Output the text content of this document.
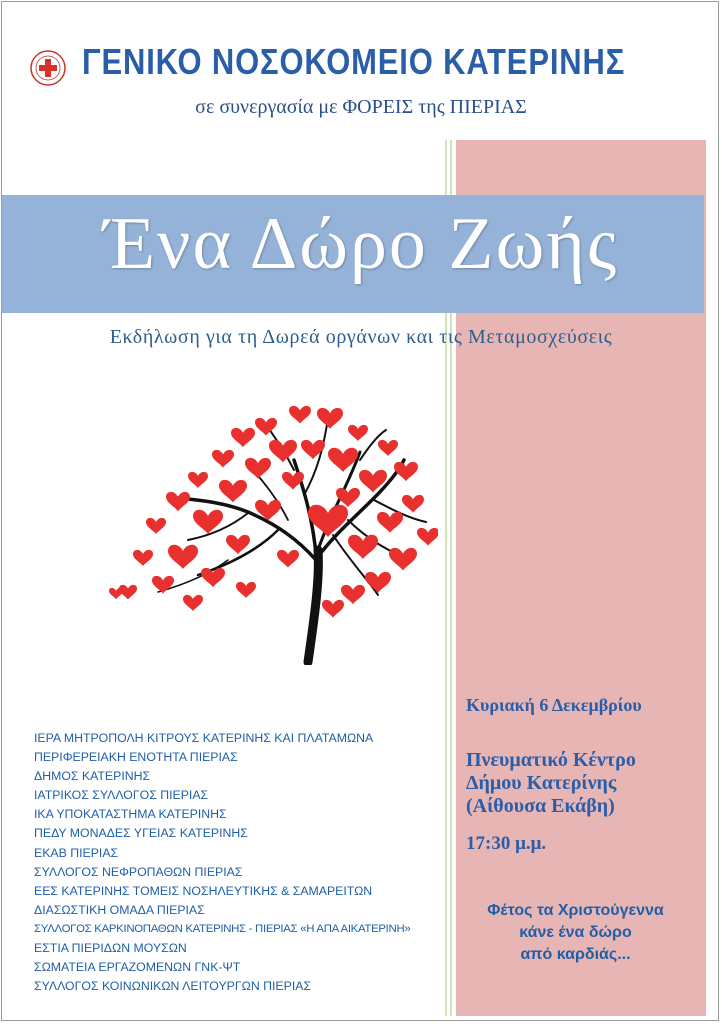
ΓΕΝΙΚΟ ΝΟΣΟΚΟΜΕΙΟ ΚΑΤΕΡΙΝΗΣ
σε συνεργασία με ΦΟΡΕΙΣ της ΠΙΕΡΙΑΣ
Ένα Δώρο Ζωής
Εκδήλωση για τη Δωρεά οργάνων και τις Μεταμοσχεύσεις
ΙΕΡΑ ΜΗΤΡΟΠΟΛΗ ΚΙΤΡΟΥΣ ΚΑΤΕΡΙΝΗΣ ΚΑΙ ΠΛΑΤΑΜΩΝΑ
ΠΕΡΙΦΕΡΕΙΑΚΗ ΕΝΟΤΗΤΑ ΠΙΕΡΙΑΣ
ΔΗΜΟΣ ΚΑΤΕΡΙΝΗΣ
ΙΑΤΡΙΚΟΣ ΣΥΛΛΟΓΟΣ ΠΙΕΡΙΑΣ
ΙΚΑ ΥΠΟΚΑΤΑΣΤΗΜΑ ΚΑΤΕΡΙΝΗΣ
ΠΕΔΥ ΜΟΝΑΔΕΣ ΥΓΕΙΑΣ ΚΑΤΕΡΙΝΗΣ
ΕΚΑΒ ΠΙΕΡΙΑΣ
ΣΥΛΛΟΓΟΣ ΝΕΦΡΟΠΑΘΩΝ ΠΙΕΡΙΑΣ
ΕΕΣ ΚΑΤΕΡΙΝΗΣ ΤΟΜΕΙΣ ΝΟΣΗΛΕΥΤΙΚΗΣ & ΣΑΜΑΡΕΙΤΩΝ
ΔΙΑΣΩΣΤΙΚΗ ΟΜΑΔΑ ΠΙΕΡΙΑΣ
ΣΥΛΛΟΓΟΣ ΚΑΡΚΙΝΟΠΑΘΩΝ ΚΑΤΕΡΙΝΗΣ - ΠΙΕΡΙΑΣ «Η ΑΠΑ ΑΙΚΑΤΕΡΙΝΗ»
ΕΣΤΙΑ ΠΙΕΡΙΔΩΝ ΜΟΥΣΩΝ
ΣΩΜΑΤΕΙΑ ΕΡΓΑΖΟΜΕΝΩΝ ΓΝΚ-ΨΤ
ΣΥΛΛΟΓΟΣ ΚΟΙΝΩΝΙΚΩΝ ΛΕΙΤΟΥΡΓΩΝ ΠΙΕΡΙΑΣ
Κυριακή 6 Δεκεμβρίου
Πνευματικό Κέντρο
Δήμου Κατερίνης
(Αίθουσα Εκάβη)
17:30 μ.μ.
Φέτος τα Χριστούγεννα
κάνε ένα δώρο
από καρδιάς...
